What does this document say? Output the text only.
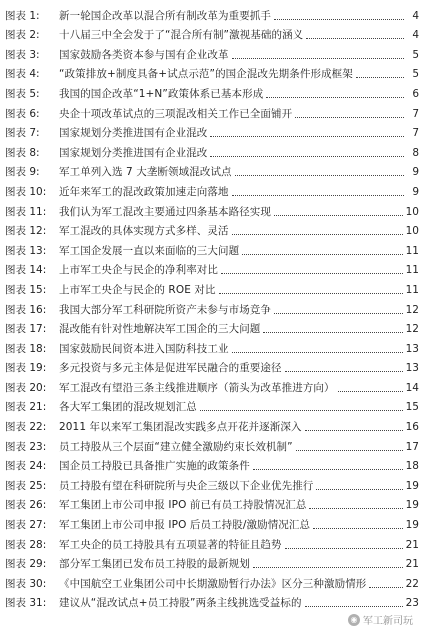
图表 1:	新一轮国企改革以混合所有制改革为重要抓手	4
图表 2:	十八届三中全会发于了“混合所有制”激视基础的涵义	4
图表 3:	国家鼓励各类资本参与国有企业改革	5
图表 4:	“政策排放+制度具备+试点示范”的国企混改先期条件形成框架	5
图表 5:	我国的国企改革“1+N”政策体系已基本形成	6
图表 6:	央企十项改革试点的三项混改相关工作已全面铺开	7
图表 7:	国家规划分类推进国有企业混改	7
图表 8:	国家规划分类推进国有企业混改	8
图表 9:	军工单列入选 7 大垄断领域混改试点	9
图表 10:	近年来军工的混改政策加速走向落地	9
图表 11:	我们认为军工混改主要通过四条基本路径实现	10
图表 12:	军工混改的具体实现方式多样、灵活	10
图表 13:	军工国企发展一直以来面临的三大问题	11
图表 14:	上市军工央企与民企的净利率对比	11
图表 15:	上市军工央企与民企的 ROE 对比	11
图表 16:	我国大部分军工科研院所资产未参与市场竞争	12
图表 17:	混改能有针对性地解决军工国企的三大问题	12
图表 18:	国家鼓励民间资本进入国防科技工业	13
图表 19:	多元投资与多元主体是促进军民融合的重要途径	13
图表 20:	军工混改有望沿三条主线推进顺序（箭头为改革推进方向）	14
图表 21:	各大军工集团的混改规划汇总	15
图表 22:	2011 年以来军工集团混改实践多点开花并逐渐深入	16
图表 23:	员工持股从三个层面“建立健全激励约束长效机制”	17
图表 24:	国企员工持股已具备推广实施的政策条件	18
图表 25:	员工持股有望在科研院所与央企三级以下企业优先推行	19
图表 26:	军工集团上市公司申报 IPO 前已有员工持股情况汇总	19
图表 27:	军工集团上市公司申报 IPO 后员工持股/激励情况汇总	19
图表 28:	军工央企的员工持股具有五项显著的特征且趋势	21
图表 29:	部分军工集团已发布员工持股的最新规划	21
图表 30:	《中国航空工业集团公司中长期激励暂行办法》区分三种激励情形	22
图表 31:	建议从“混改试点+员工持股”两条主线挑选受益标的	23
◉ 军工新司玩
